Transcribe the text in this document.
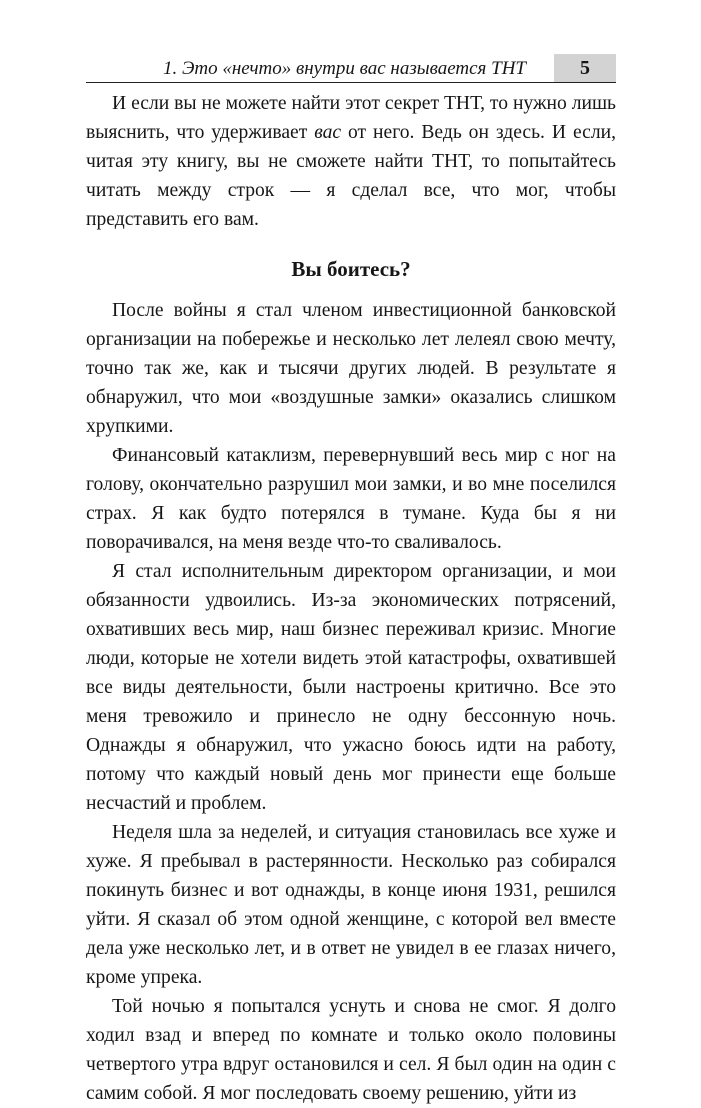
1. Это «нечто» внутри вас называется ТНТ	5

И если вы не можете найти этот секрет ТНТ, то нужно лишь выяснить, что удерживает вас от него. Ведь он здесь. И если, читая эту книгу, вы не сможете найти ТНТ, то попытайтесь читать между строк — я сделал все, что мог, чтобы представить его вам.

Вы боитесь?

После войны я стал членом инвестиционной банковской организации на побережье и несколько лет лелеял свою мечту, точно так же, как и тысячи других людей. В результате я обнаружил, что мои «воздушные замки» оказались слишком хрупкими.

Финансовый катаклизм, перевернувший весь мир с ног на голову, окончательно разрушил мои замки, и во мне поселился страх. Я как будто потерялся в тумане. Куда бы я ни поворачивался, на меня везде что-то сваливалось.

Я стал исполнительным директором организации, и мои обязанности удвоились. Из-за экономических потрясений, охвативших весь мир, наш бизнес переживал кризис. Многие люди, которые не хотели видеть этой катастрофы, охватившей все виды деятельности, были настроены критично. Все это меня тревожило и принесло не одну бессонную ночь. Однажды я обнаружил, что ужасно боюсь идти на работу, потому что каждый новый день мог принести еще больше несчастий и проблем.

Неделя шла за неделей, и ситуация становилась все хуже и хуже. Я пребывал в растерянности. Несколько раз собирался покинуть бизнес и вот однажды, в конце июня 1931, решился уйти. Я сказал об этом одной женщине, с которой вел вместе дела уже несколько лет, и в ответ не увидел в ее глазах ничего, кроме упрека.

Той ночью я попытался уснуть и снова не смог. Я долго ходил взад и вперед по комнате и только около половины четвертого утра вдруг остановился и сел. Я был один на один с самим собой. Я мог последовать своему решению, уйти из
